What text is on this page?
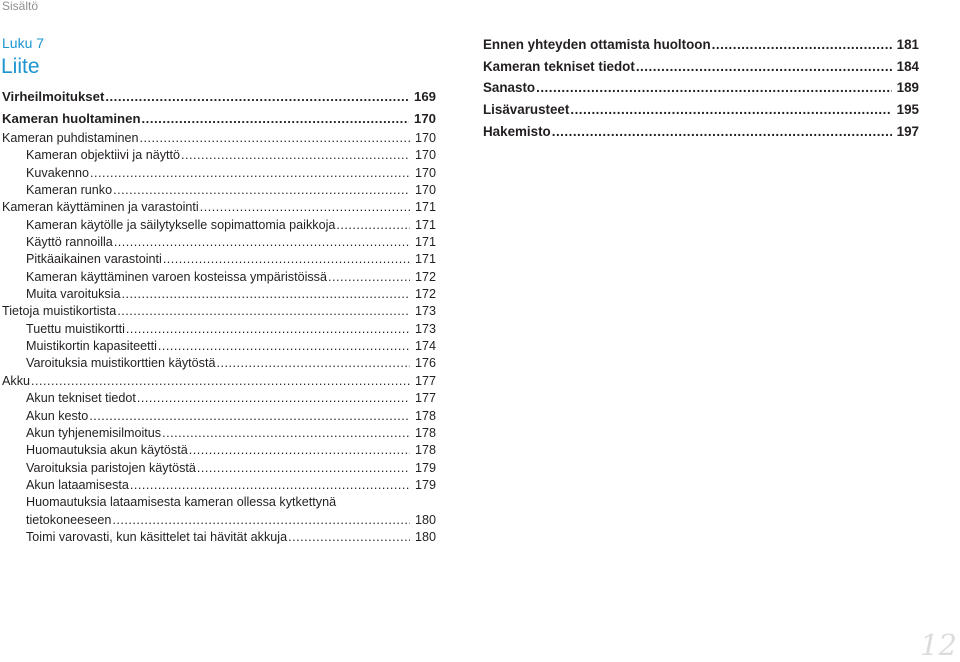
Sisältö
Luku 7
Liite
Virheilmoitukset .....	169
Kameran huoltaminen .....	170
Kameran puhdistaminen .....	170
Kameran objektiivi ja näyttö .....	170
Kuvakenno .....	170
Kameran runko .....	170
Kameran käyttäminen ja varastointi .....	171
Kameran käytölle ja säilytykselle sopimattomia paikkoja .....	171
Käyttö rannoilla .....	171
Pitkäaikainen varastointi .....	171
Kameran käyttäminen varoen kosteissa ympäristöissä .....	172
Muita varoituksia .....	172
Tietoja muistikortista .....	173
Tuettu muistikortti .....	173
Muistikortin kapasiteetti .....	174
Varoituksia muistikorttien käytöstä .....	176
Akku .....	177
Akun tekniset tiedot .....	177
Akun kesto .....	178
Akun tyhjenemisilmoitus .....	178
Huomautuksia akun käytöstä .....	178
Varoituksia paristojen käytöstä .....	179
Akun lataamisesta .....	179
Huomautuksia lataamisesta kameran ollessa kytkettynä
tietokoneeseen .....	180
Toimi varovasti, kun käsittelet tai hävität akkuja .....	180
Ennen yhteyden ottamista huoltoon .....	181
Kameran tekniset tiedot .....	184
Sanasto .....	189
Lisävarusteet .....	195
Hakemisto .....	197
12
